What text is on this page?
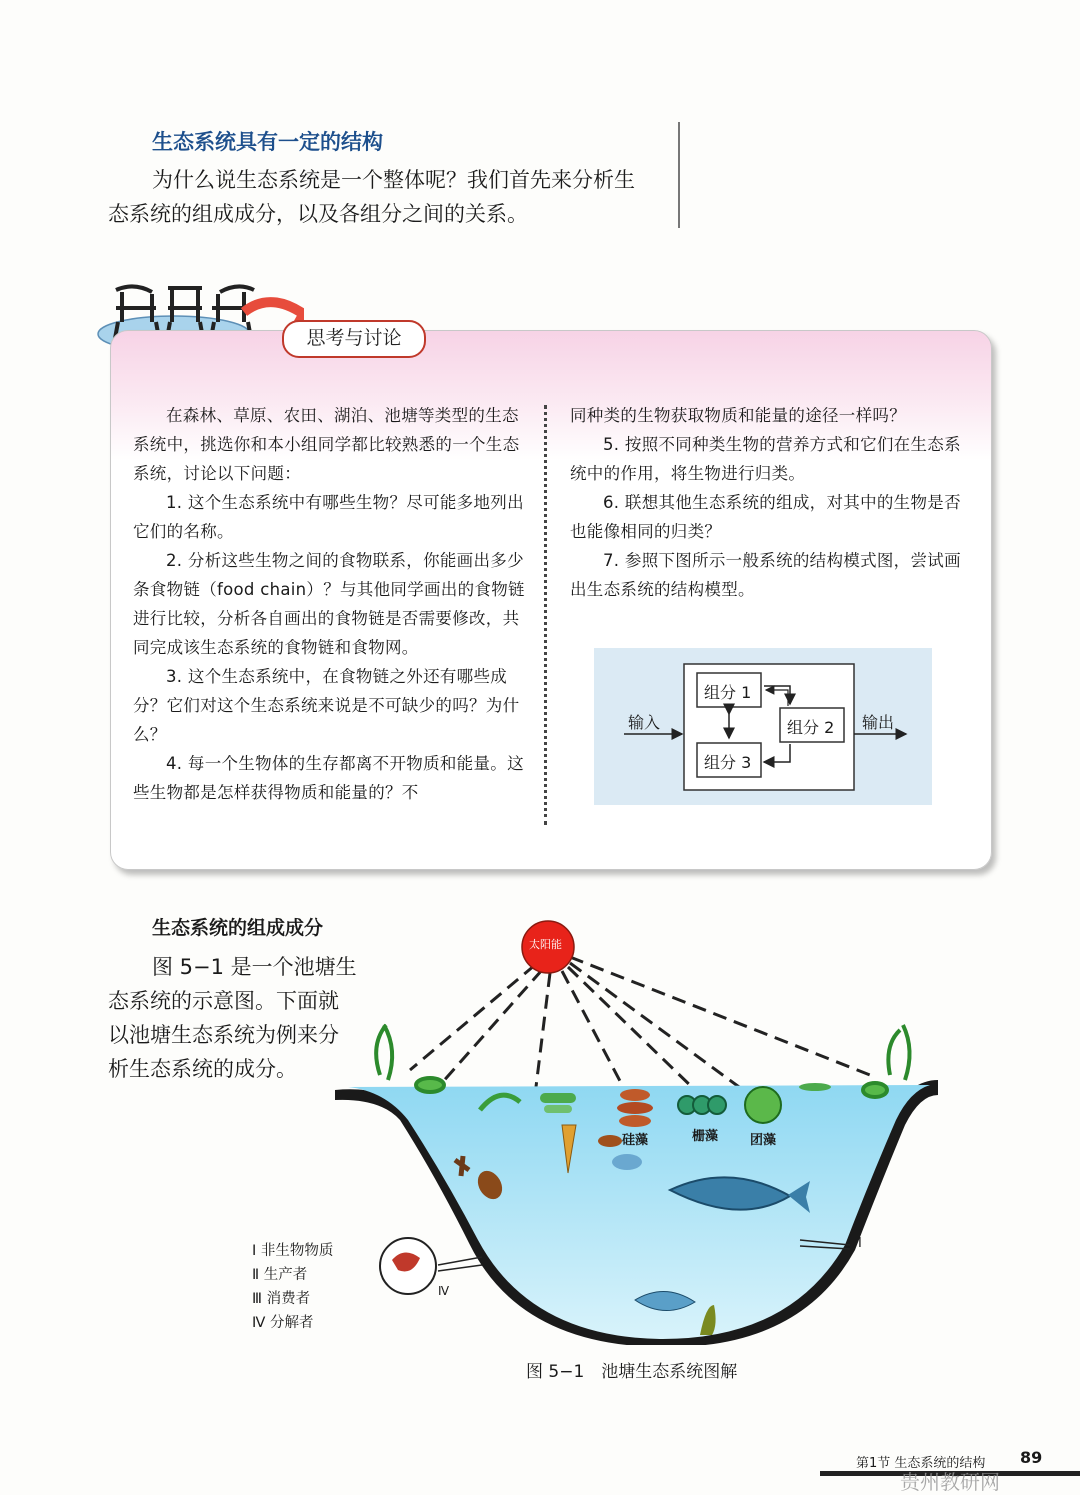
生态系统具有一定的结构
为什么说生态系统是一个整体呢？我们首先来分析生
态系统的组成成分，以及各组分之间的关系。
思考与讨论

在森林、草原、农田、湖泊、池塘等类型的生态系统中，挑选你和本小组同学都比较熟悉的一个生态系统，讨论以下问题：

1. 这个生态系统中有哪些生物？尽可能多地列出它们的名称。

2. 分析这些生物之间的食物联系，你能画出多少条食物链（food chain）？与其他同学画出的食物链进行比较，分析各自画出的食物链是否需要修改，共同完成该生态系统的食物链和食物网。

3. 这个生态系统中，在食物链之外还有哪些成分？它们对这个生态系统来说是不可缺少的吗？为什么？

4. 每一个生物体的生存都离不开物质和能量。这些生物都是怎样获得物质和能量的？不

同种类的生物获取物质和能量的途径一样吗？

5. 按照不同种类生物的营养方式和它们在生态系统中的作用，将生物进行归类。

6. 联想其他生态系统的组成，对其中的生物是否也能像相同的归类？

7. 参照下图所示一般系统的结构模式图，尝试画出生态系统的结构模型。

输入	输出
组分 1
组分 3
组分 2
生态系统的组成成分
图 5−1 是一个池塘生
态系统的示意图。下面就
以池塘生态系统为例来分
析生态系统的成分。
太阳能
硅藻	栅藻 团藻
I
Ⅳ
I 非生物物质
Ⅱ 生产者
Ⅲ 消费者
Ⅳ 分解者
图 5−1　池塘生态系统图解
第1节 生态系统的结构 89
贵州教研网
